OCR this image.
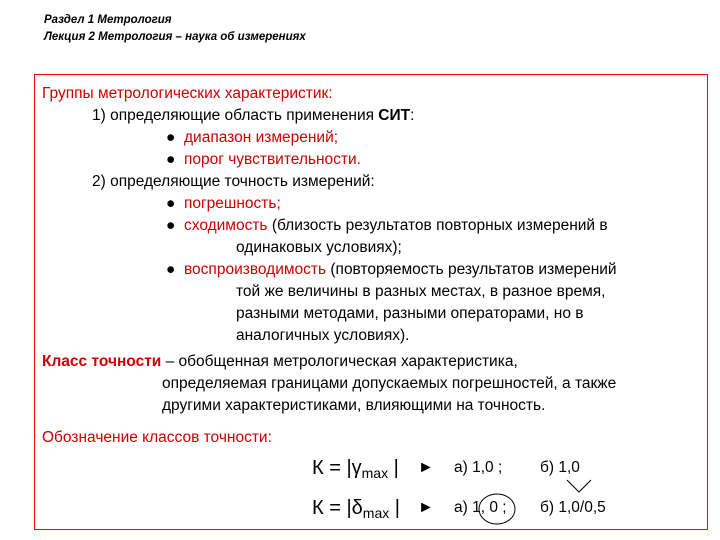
Раздел 1 Метрология
Лекция 2 Метрология – наука об измерениях
Группы метрологических характеристик:
1) определяющие область применения СИТ:
● диапазон измерений;
● порог чувствительности.
2) определяющие точность измерений:
● погрешность;
● сходимость (близость результатов повторных измерений в
одинаковых условиях);
● воспроизводимость (повторяемость результатов измерений
той же величины в разных местах, в разное время,
разными методами, разными операторами, но в
аналогичных условиях).
Класс точности – обобщенная метрологическая характеристика,
определяемая границами допускаемых погрешностей, а также
другими характеристиками, влияющими на точность.
Обозначение классов точности:
$К = |\gamma_{max}$ | ► а) 1,0 ; б) 1,0
$К = |\delta_{max}$ | ► а) 1, 0 ; б) 1,0/0,5
